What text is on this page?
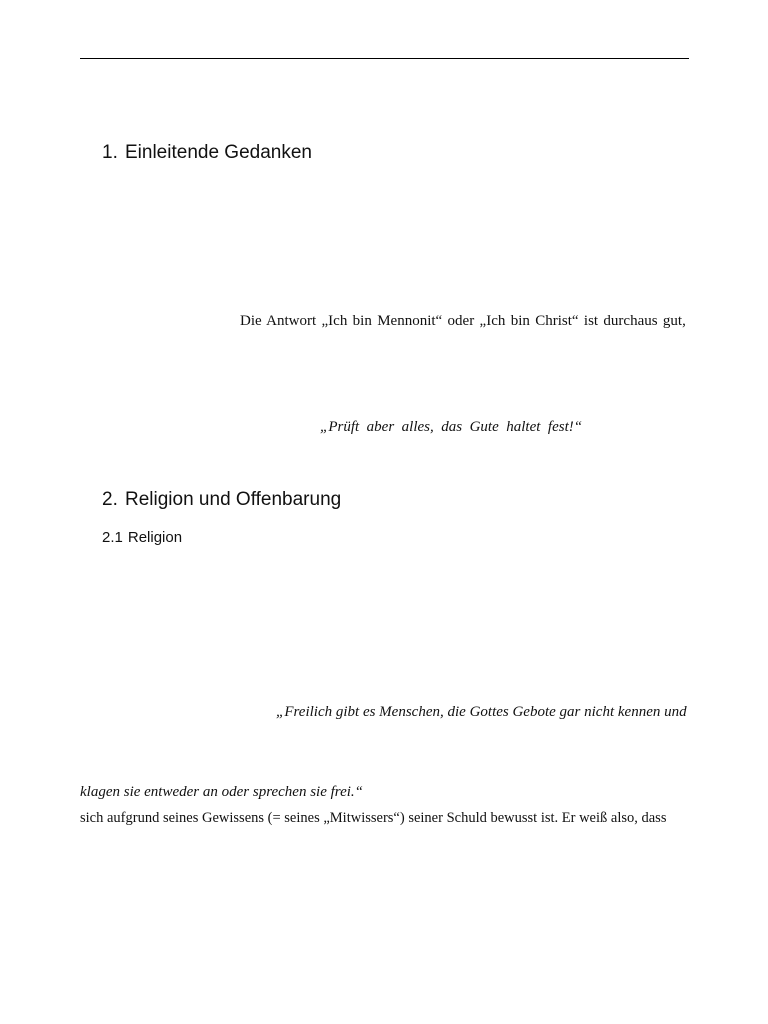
1. Einleitende Gedanken
Die Antwort „Ich bin Mennonit“ oder „Ich bin Christ“ ist durchaus gut,
„Prüft  aber  alles,  das  Gute  haltet  fest!“
2. Religion und Offenbarung
2.1 Religion
„Freilich gibt es Menschen, die Gottes Gebote gar nicht kennen und
klagen sie entweder an oder sprechen sie frei.“
sich aufgrund seines Gewissens (= seines „Mitwissers“) seiner Schuld bewusst ist. Er weiß also, dass
